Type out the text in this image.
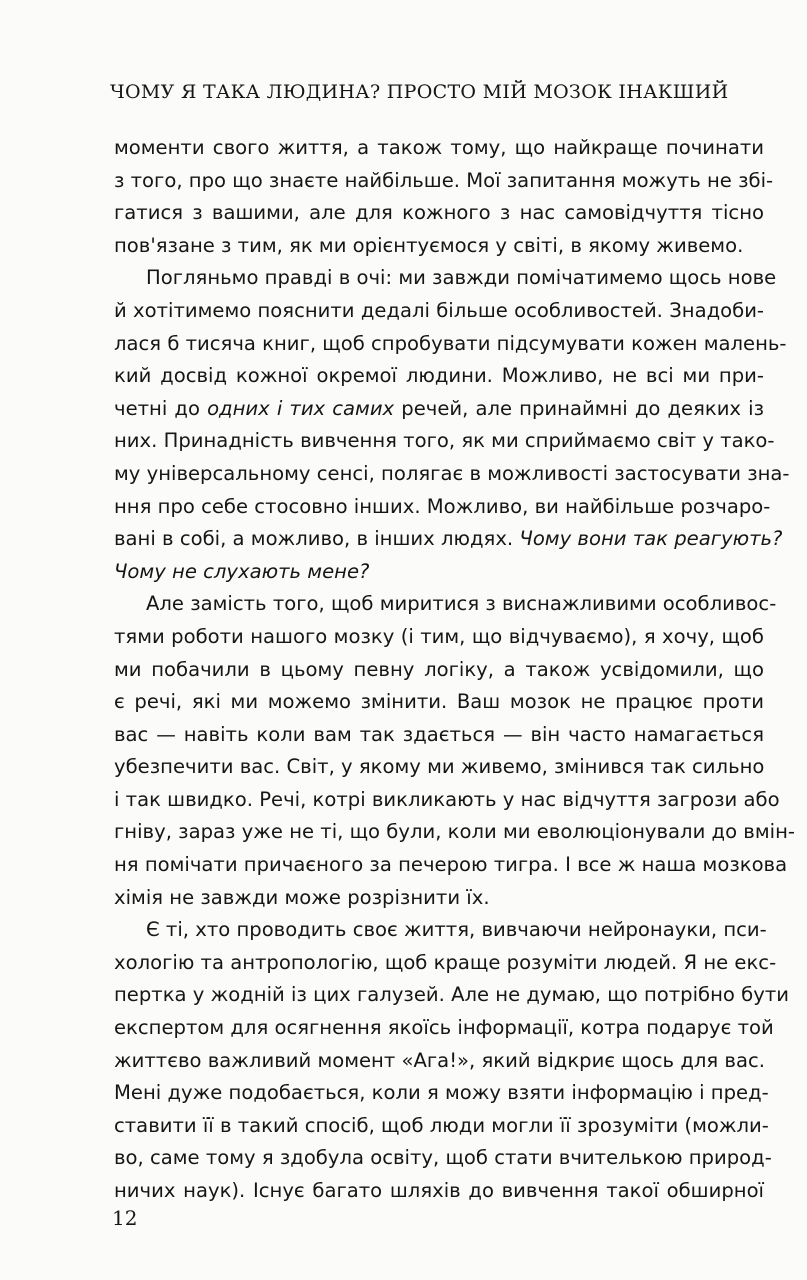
ЧОМУ Я ТАКА ЛЮДИНА? ПРОСТО МІЙ МОЗОК ІНАКШИЙ
моменти свого життя, а також тому, що найкраще починати
з того, про що знаєте найбільше. Мої запитання можуть не збі-
гатися з вашими, але для кожного з нас самовідчуття тісно
пов'язане з тим, як ми орієнтуємося у світі, в якому живемо.
Погляньмо правді в очі: ми завжди помічатимемо щось нове
й хотітимемо пояснити дедалі більше особливостей. Знадоби-
лася б тисяча книг, щоб спробувати підсумувати кожен малень-
кий досвід кожної окремої людини. Можливо, не всі ми при-
четні до одних і тих самих речей, але принаймні до деяких із
них. Принадність вивчення того, як ми сприймаємо світ у тако-
му універсальному сенсі, полягає в можливості застосувати зна-
ння про себе стосовно інших. Можливо, ви найбільше розчаро-
вані в собі, а можливо, в інших людях. Чому вони так реагують?
Чому не слухають мене?
Але замість того, щоб миритися з виснажливими особливос-
тями роботи нашого мозку (і тим, що відчуваємо), я хочу, щоб
ми побачили в цьому певну логіку, а також усвідомили, що
є речі, які ми можемо змінити. Ваш мозок не працює проти
вас — навіть коли вам так здається — він часто намагається
убезпечити вас. Світ, у якому ми живемо, змінився так сильно
і так швидко. Речі, котрі викликають у нас відчуття загрози або
гніву, зараз уже не ті, що були, коли ми еволюціонували до вмін-
ня помічати причаєного за печерою тигра. І все ж наша мозкова
хімія не завжди може розрізнити їх.
Є ті, хто проводить своє життя, вивчаючи нейронауки, пси-
хологію та антропологію, щоб краще розуміти людей. Я не екс-
пертка у жодній із цих галузей. Але не думаю, що потрібно бути
експертом для осягнення якоїсь інформації, котра подарує той
життєво важливий момент «Ага!», який відкриє щось для вас.
Мені дуже подобається, коли я можу взяти інформацію і пред-
ставити її в такий спосіб, щоб люди могли її зрозуміти (можли-
во, саме тому я здобула освіту, щоб стати вчителькою природ-
ничих наук). Існує багато шляхів до вивчення такої обширної
12
